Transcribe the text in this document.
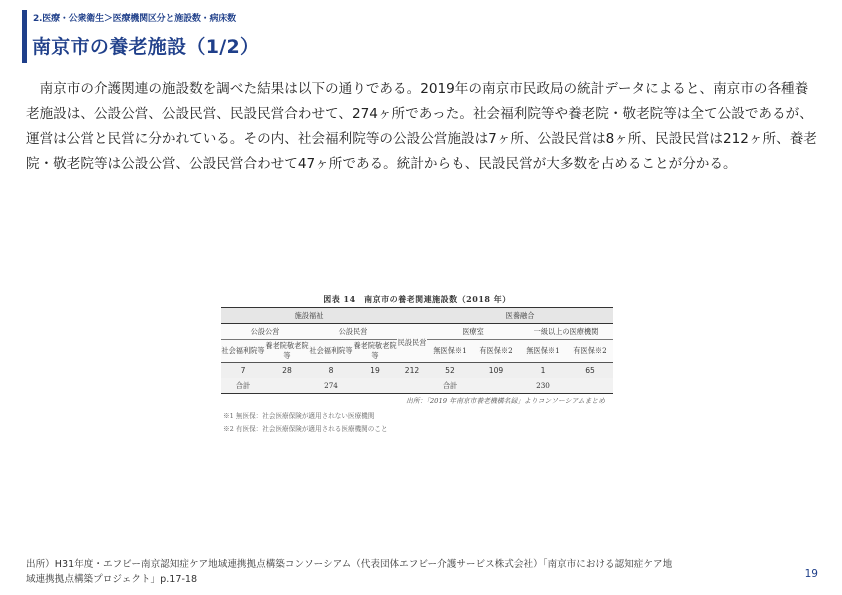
2.医療・公衆衛生＞医療機関区分と施設数・病床数
南京市の養老施設（1/2）

南京市の介護関連の施設数を調べた結果は以下の通りである。2019年の南京市民政局の統計データによると、南京市の各種養老施設は、公設公営、公設民営、民設民営合わせて、274ヶ所であった。社会福利院等や養老院・敬老院等は全て公設であるが、運営は公営と民営に分かれている。その内、社会福利院等の公設公営施設は7ヶ所、公設民営は8ヶ所、民設民営は212ヶ所、養老院・敬老院等は公設公営、公設民営合わせて47ヶ所である。統計からも、民設民営が大多数を占めることが分かる。

図表 14　南京市の養老関連施設数（2018 年）
施設福祉					医養融合			
公設公営		公設民営		民設民営	医療室		一級以上の医療機関	
社会福利院等	養老院敬老院等	社会福利院等	養老院敬老院等		無医保※1	有医保※2	無医保※1	有医保※2
7	28	8	19	212	52	109	1	65
合計	274				合計	230		
出所：「2019 年南京市養老機構名録」よりコンソーシアムまとめ
※1 無医保：社会医療保険が適用されない医療機関
※2 有医保：社会医療保険が適用される医療機関のこと
出所）H31年度・エフビー南京認知症ケア地域連携拠点構築コンソーシアム（代表団体エフビー介護サービス株式会社）「南京市における認知症ケア地
域連携拠点構築プロジェクト」p.17-18	19
